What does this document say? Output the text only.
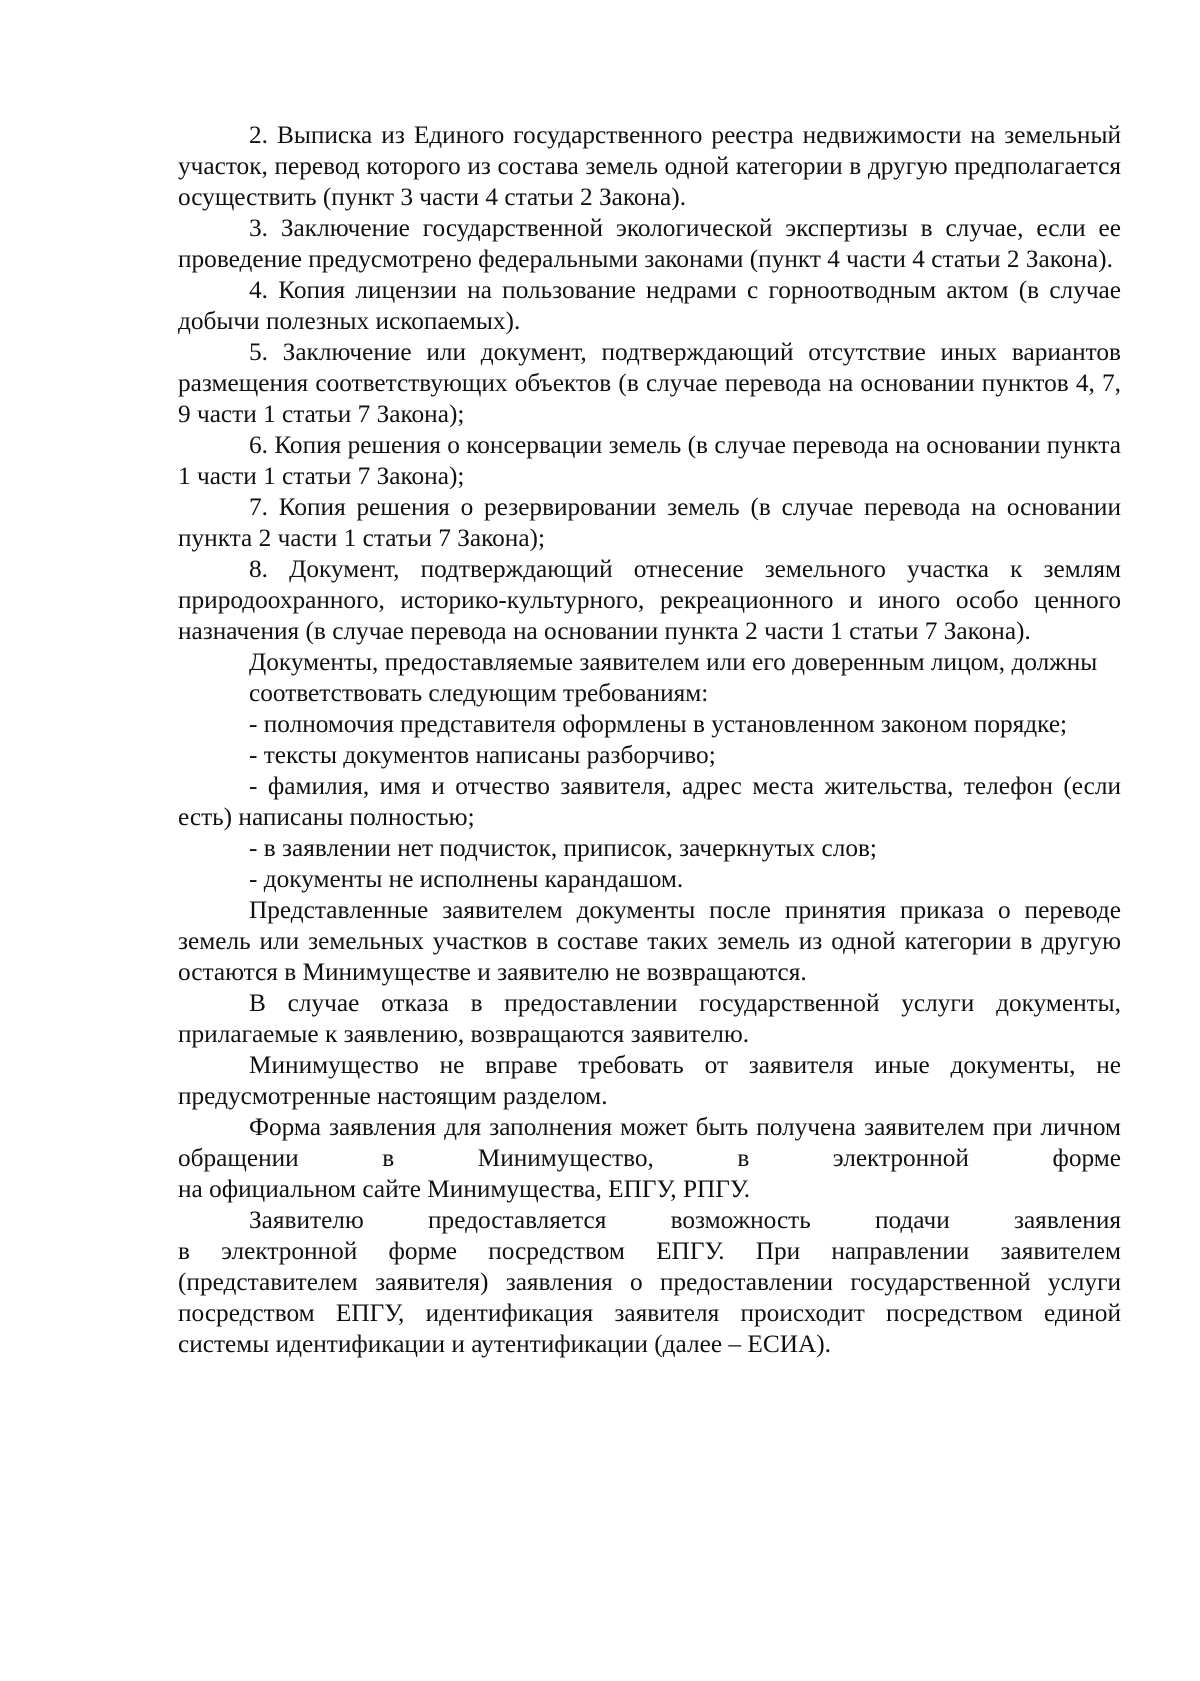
2. Выписка из Единого государственного реестра недвижимости на земельный участок, перевод которого из состава земель одной категории в другую предполагается осуществить (пункт 3 части 4 статьи 2 Закона).

3. Заключение государственной экологической экспертизы в случае, если ее проведение предусмотрено федеральными законами (пункт 4 части 4 статьи 2 Закона).

4. Копия лицензии на пользование недрами с горноотводным актом (в случае добычи полезных ископаемых).

5. Заключение или документ, подтверждающий отсутствие иных вариантов размещения соответствующих объектов (в случае перевода на основании пунктов 4, 7, 9 части 1 статьи 7 Закона);

6. Копия решения о консервации земель (в случае перевода на основании пункта 1 части 1 статьи 7 Закона);

7. Копия решения о резервировании земель (в случае перевода на основании пункта 2 части 1 статьи 7 Закона);

8. Документ, подтверждающий отнесение земельного участка к землям природоохранного, историко-культурного, рекреационного и иного особо ценного назначения (в случае перевода на основании пункта 2 части 1 статьи 7 Закона).

Документы, предоставляемые заявителем или его доверенным лицом, должны

соответствовать следующим требованиям:

- полномочия представителя оформлены в установленном законом порядке;

- тексты документов написаны разборчиво;

- фамилия, имя и отчество заявителя, адрес места жительства, телефон (если есть) написаны полностью;

- в заявлении нет подчисток, приписок, зачеркнутых слов;

- документы не исполнены карандашом.

Представленные заявителем документы после принятия приказа о переводе земель или земельных участков в составе таких земель из одной категории в другую остаются в Минимуществе и заявителю не возвращаются.

В случае отказа в предоставлении государственной услуги документы, прилагаемые к заявлению, возвращаются заявителю.

Минимущество не вправе требовать от заявителя иные документы, не предусмотренные настоящим разделом.

Форма заявления для заполнения может быть получена заявителем при личном обращении в Минимущество, в электронной форме

на официальном сайте Минимущества, ЕПГУ, РПГУ.

Заявителю предоставляется возможность подачи заявления

в электронной форме посредством ЕПГУ. При направлении заявителем (представителем заявителя) заявления о предоставлении государственной услуги посредством ЕПГУ, идентификация заявителя происходит посредством единой системы идентификации и аутентификации (далее – ЕСИА).
